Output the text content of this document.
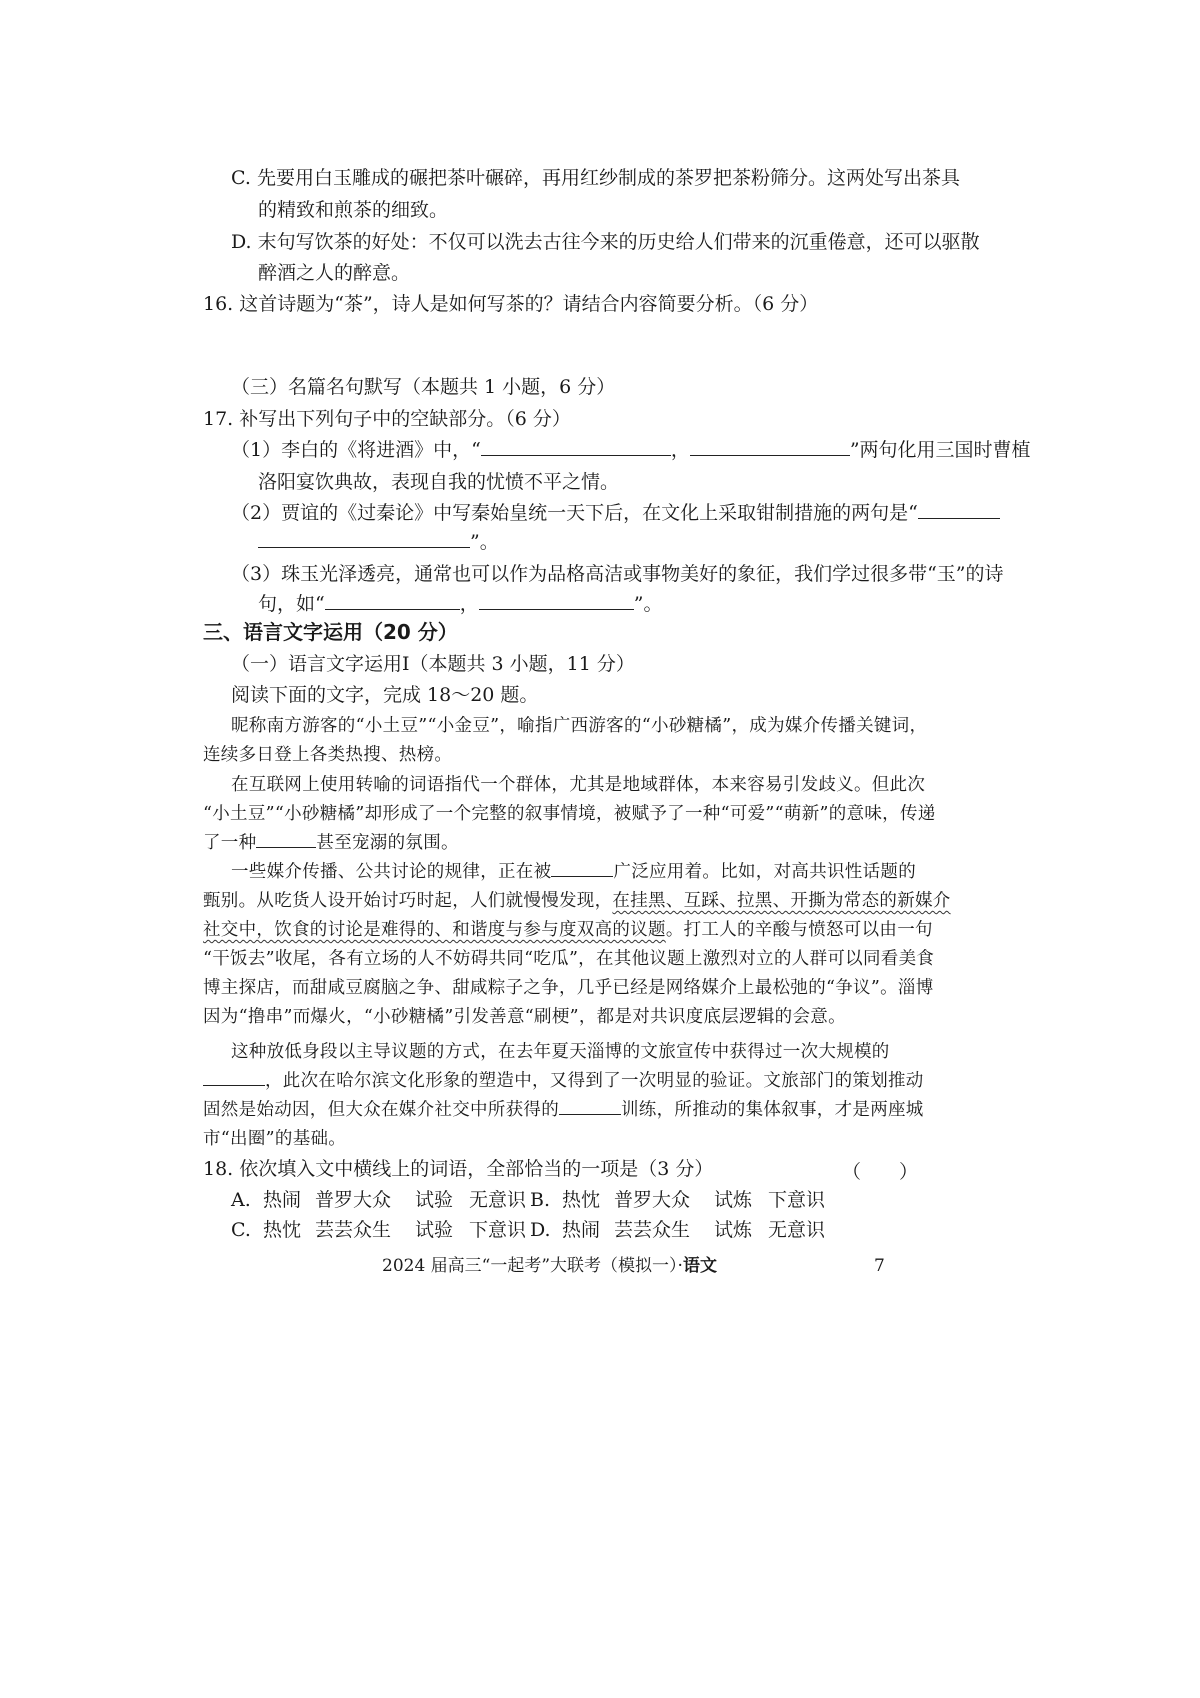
C. 先要用白玉雕成的碾把茶叶碾碎，再用红纱制成的茶罗把茶粉筛分。这两处写出茶具
的精致和煎茶的细致。
D. 末句写饮茶的好处：不仅可以洗去古往今来的历史给人们带来的沉重倦意，还可以驱散
醉酒之人的醉意。
16. 这首诗题为“茶”，诗人是如何写茶的？请结合内容简要分析。（6 分）
（三）名篇名句默写（本题共 1 小题，6 分）
17. 补写出下列句子中的空缺部分。（6 分）
（1）李白的《将进酒》中，“	，	”两句化用三国时曹植
洛阳宴饮典故，表现自我的忧愤不平之情。
（2）贾谊的《过秦论》中写秦始皇统一天下后，在文化上采取钳制措施的两句是“
”。
（3）珠玉光泽透亮，通常也可以作为品格高洁或事物美好的象征，我们学过很多带“玉”的诗
句，如“	，	”。
三、语言文字运用（20 分）
（一）语言文字运用Ⅰ（本题共 3 小题，11 分）
阅读下面的文字，完成 18～20 题。
昵称南方游客的“小土豆”“小金豆”，喻指广西游客的“小砂糖橘”，成为媒介传播关键词，
连续多日登上各类热搜、热榜。
在互联网上使用转喻的词语指代一个群体，尤其是地域群体，本来容易引发歧义。但此次
“小土豆”“小砂糖橘”却形成了一个完整的叙事情境，被赋予了一种“可爱”“萌新”的意味，传递
了一种	甚至宠溺的氛围。
一些媒介传播、公共讨论的规律，正在被	广泛应用着。比如，对高共识性话题的
甄别。从吃货人设开始讨巧时起，人们就慢慢发现，在挂黑、互踩、拉黑、开撕为常态的新媒介
社交中，饮食的讨论是难得的、和谐度与参与度双高的议题。打工人的辛酸与愤怒可以由一句
“干饭去”收尾，各有立场的人不妨碍共同“吃瓜”，在其他议题上激烈对立的人群可以同看美食
博主探店，而甜咸豆腐脑之争、甜咸粽子之争，几乎已经是网络媒介上最松弛的“争议”。淄博
因为“撸串”而爆火，“小砂糖橘”引发善意“刷梗”，都是对共识度底层逻辑的会意。
这种放低身段以主导议题的方式，在去年夏天淄博的文旅宣传中获得过一次大规模的
，此次在哈尔滨文化形象的塑造中，又得到了一次明显的验证。文旅部门的策划推动
固然是始动因，但大众在媒介社交中所获得的	训练，所推动的集体叙事，才是两座城
市“出圈”的基础。
18. 依次填入文中横线上的词语，全部恰当的一项是（3 分）	（　　）
A. 热闹 普罗大众 试验 无意识 B. 热忱 普罗大众 试炼 下意识
C. 热忱 芸芸众生 试验 下意识 D. 热闹 芸芸众生 试炼 无意识
2024 届高三“一起考”大联考（模拟一）·语文	7
